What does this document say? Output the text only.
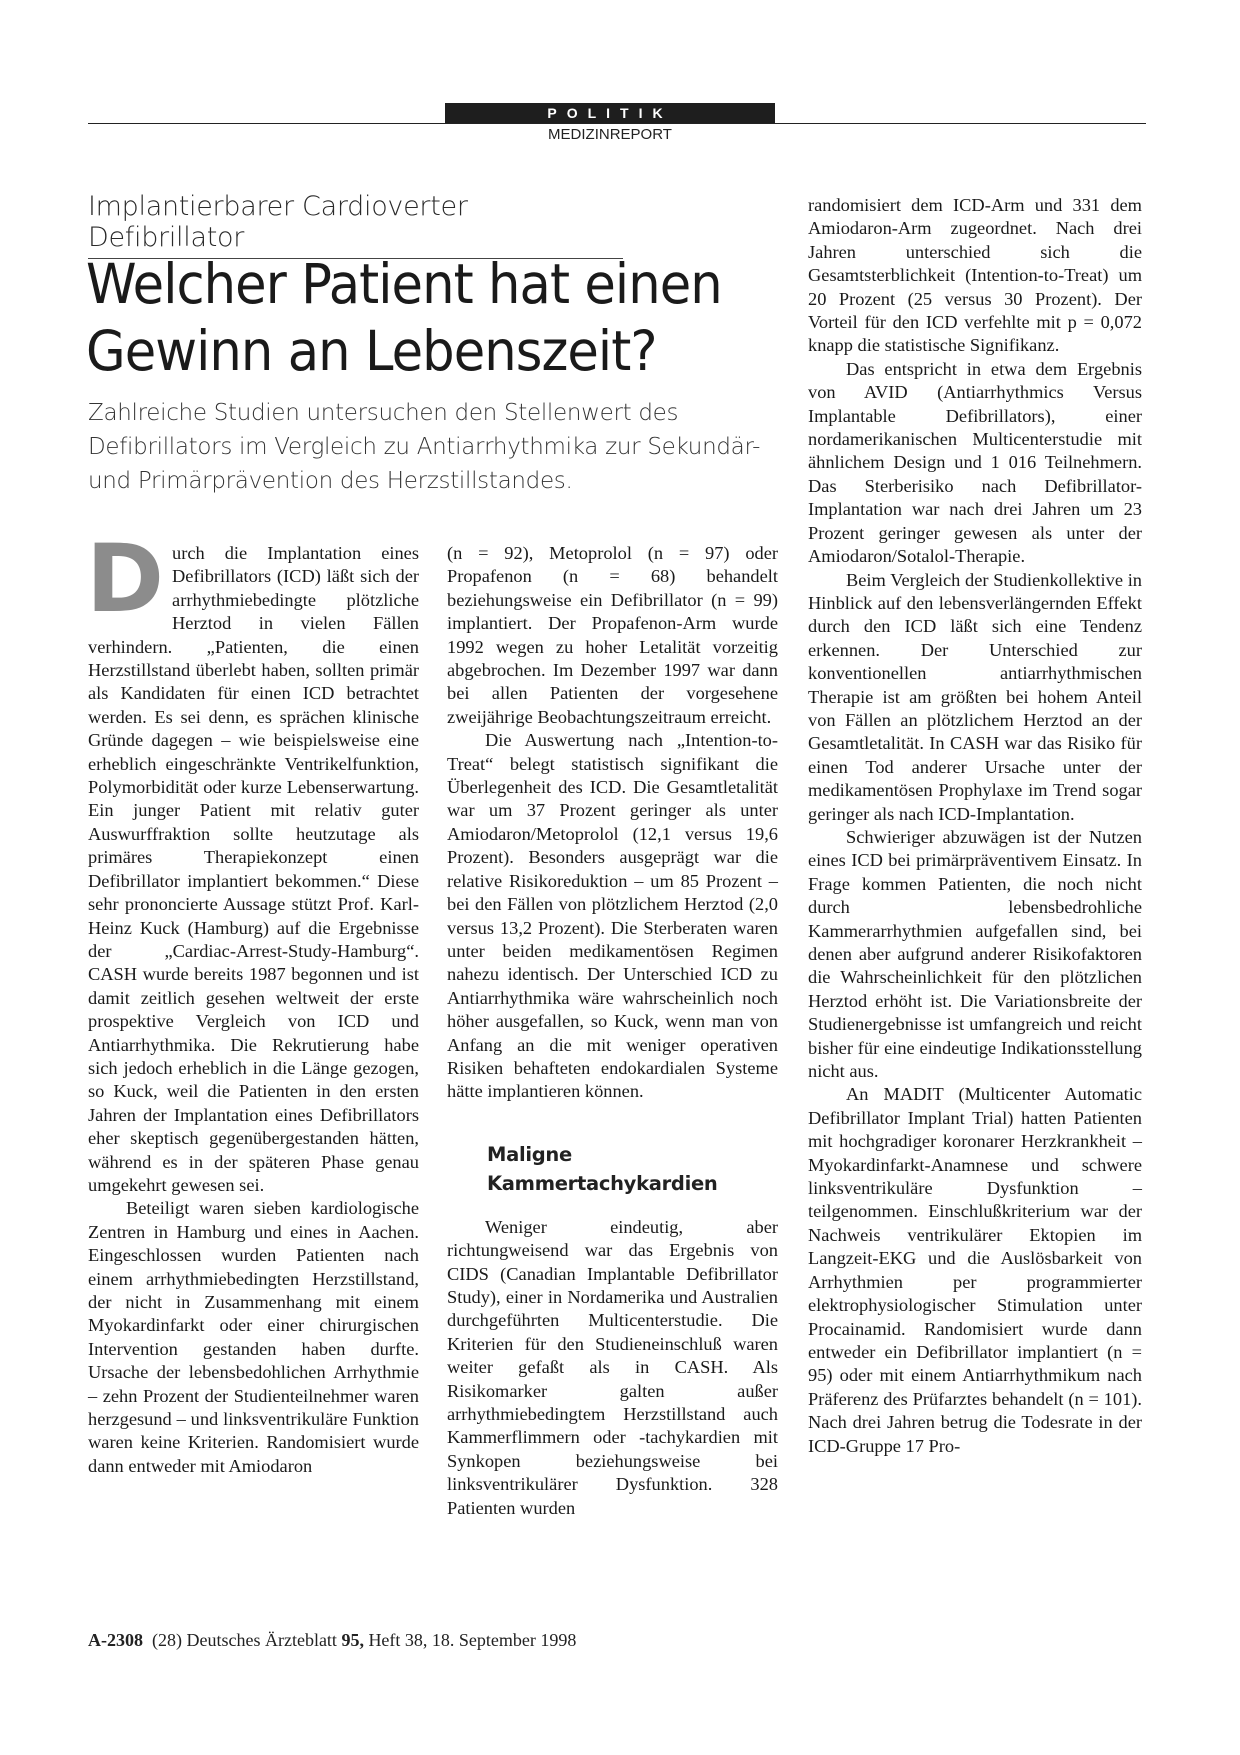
POLITIK
MEDIZINREPORT
Implantierbarer Cardioverter Defibrillator
Welcher Patient hat einen Gewinn an Lebenszeit?

Zahlreiche Studien untersuchen den Stellenwert des Defibrillators im Vergleich zu Antiarrhythmika zur Sekundär- und Primärprävention des Herzstillstandes.

Durch die Implantation eines Defibrillators (ICD) läßt sich der arrhythmiebedingte plötzliche Herztod in vielen Fällen verhindern. „Patienten, die einen Herzstillstand überlebt haben, sollten primär als Kandidaten für einen ICD betrachtet werden. Es sei denn, es sprächen klinische Gründe dagegen – wie beispielsweise eine erheblich eingeschränkte Ventrikelfunktion, Polymorbidität oder kurze Lebenserwartung. Ein junger Patient mit relativ guter Auswurffraktion sollte heutzutage als primäres Therapiekonzept einen Defibrillator implantiert bekommen.“ Diese sehr prononcierte Aussage stützt Prof. Karl-Heinz Kuck (Hamburg) auf die Ergebnisse der „Cardiac-Arrest-Study-Hamburg“. CASH wurde bereits 1987 begonnen und ist damit zeitlich gesehen weltweit der erste prospektive Vergleich von ICD und Antiarrhythmika. Die Rekrutierung habe sich jedoch erheblich in die Länge gezogen, so Kuck, weil die Patienten in den ersten Jahren der Implantation eines Defibrillators eher skeptisch gegenübergestanden hätten, während es in der späteren Phase genau umgekehrt gewesen sei.

Beteiligt waren sieben kardiologische Zentren in Hamburg und eines in Aachen. Eingeschlossen wurden Patienten nach einem arrhythmiebedingten Herzstillstand, der nicht in Zusammenhang mit einem Myokardinfarkt oder einer chirurgischen Intervention gestanden haben durfte. Ursache der lebensbedohlichen Arrhythmie – zehn Prozent der Studienteilnehmer waren herzgesund – und linksventrikuläre Funktion waren keine Kriterien. Randomisiert wurde dann entweder mit Amiodaron

(n = 92), Metoprolol (n = 97) oder Propafenon (n = 68) behandelt beziehungsweise ein Defibrillator (n = 99) implantiert. Der Propafenon-Arm wurde 1992 wegen zu hoher Letalität vorzeitig abgebrochen. Im Dezember 1997 war dann bei allen Patienten der vorgesehene zweijährige Beobachtungszeitraum erreicht.

Die Auswertung nach „Intention-to-Treat“ belegt statistisch signifikant die Überlegenheit des ICD. Die Gesamtletalität war um 37 Prozent geringer als unter Amiodaron/Metoprolol (12,1 versus 19,6 Prozent). Besonders ausgeprägt war die relative Risikoreduktion – um 85 Prozent – bei den Fällen von plötzlichem Herztod (2,0 versus 13,2 Prozent). Die Sterberaten waren unter beiden medikamentösen Regimen nahezu identisch. Der Unterschied ICD zu Antiarrhythmika wäre wahrscheinlich noch höher ausgefallen, so Kuck, wenn man von Anfang an die mit weniger operativen Risiken behafteten endokardialen Systeme hätte implantieren können.

Maligne
Kammertachykardien

Weniger eindeutig, aber richtungweisend war das Ergebnis von CIDS (Canadian Implantable Defibrillator Study), einer in Nordamerika und Australien durchgeführten Multicenterstudie. Die Kriterien für den Studieneinschluß waren weiter gefaßt als in CASH. Als Risikomarker galten außer arrhythmiebedingtem Herzstillstand auch Kammerflimmern oder -tachykardien mit Synkopen beziehungsweise bei linksventrikulärer Dysfunktion. 328 Patienten wurden

randomisiert dem ICD-Arm und 331 dem Amiodaron-Arm zugeordnet. Nach drei Jahren unterschied sich die Gesamtsterblichkeit (Intention-to-Treat) um 20 Prozent (25 versus 30 Prozent). Der Vorteil für den ICD verfehlte mit p = 0,072 knapp die statistische Signifikanz.

Das entspricht in etwa dem Ergebnis von AVID (Antiarrhythmics Versus Implantable Defibrillators), einer nordamerikanischen Multicenterstudie mit ähnlichem Design und 1 016 Teilnehmern. Das Sterberisiko nach Defibrillator-Implantation war nach drei Jahren um 23 Prozent geringer gewesen als unter der Amiodaron/Sotalol-Therapie.

Beim Vergleich der Studienkollektive in Hinblick auf den lebensverlängernden Effekt durch den ICD läßt sich eine Tendenz erkennen. Der Unterschied zur konventionellen antiarrhythmischen Therapie ist am größten bei hohem Anteil von Fällen an plötzlichem Herztod an der Gesamtletalität. In CASH war das Risiko für einen Tod anderer Ursache unter der medikamentösen Prophylaxe im Trend sogar geringer als nach ICD-Implantation.

Schwieriger abzuwägen ist der Nutzen eines ICD bei primärpräventivem Einsatz. In Frage kommen Patienten, die noch nicht durch lebensbedrohliche Kammerarrhythmien aufgefallen sind, bei denen aber aufgrund anderer Risikofaktoren die Wahrscheinlichkeit für den plötzlichen Herztod erhöht ist. Die Variationsbreite der Studienergebnisse ist umfangreich und reicht bisher für eine eindeutige Indikationsstellung nicht aus.

An MADIT (Multicenter Automatic Defibrillator Implant Trial) hatten Patienten mit hochgradiger koronarer Herzkrankheit – Myokardinfarkt-Anamnese und schwere linksventrikuläre Dysfunktion – teilgenommen. Einschlußkriterium war der Nachweis ventrikulärer Ektopien im Langzeit-EKG und die Auslösbarkeit von Arrhythmien per programmierter elektrophysiologischer Stimulation unter Procainamid. Randomisiert wurde dann entweder ein Defibrillator implantiert (n = 95) oder mit einem Antiarrhythmikum nach Präferenz des Prüfarztes behandelt (n = 101). Nach drei Jahren betrug die Todesrate in der ICD-Gruppe 17 Pro-

A-2308 (28) Deutsches Ärzteblatt 95, Heft 38, 18. September 1998
